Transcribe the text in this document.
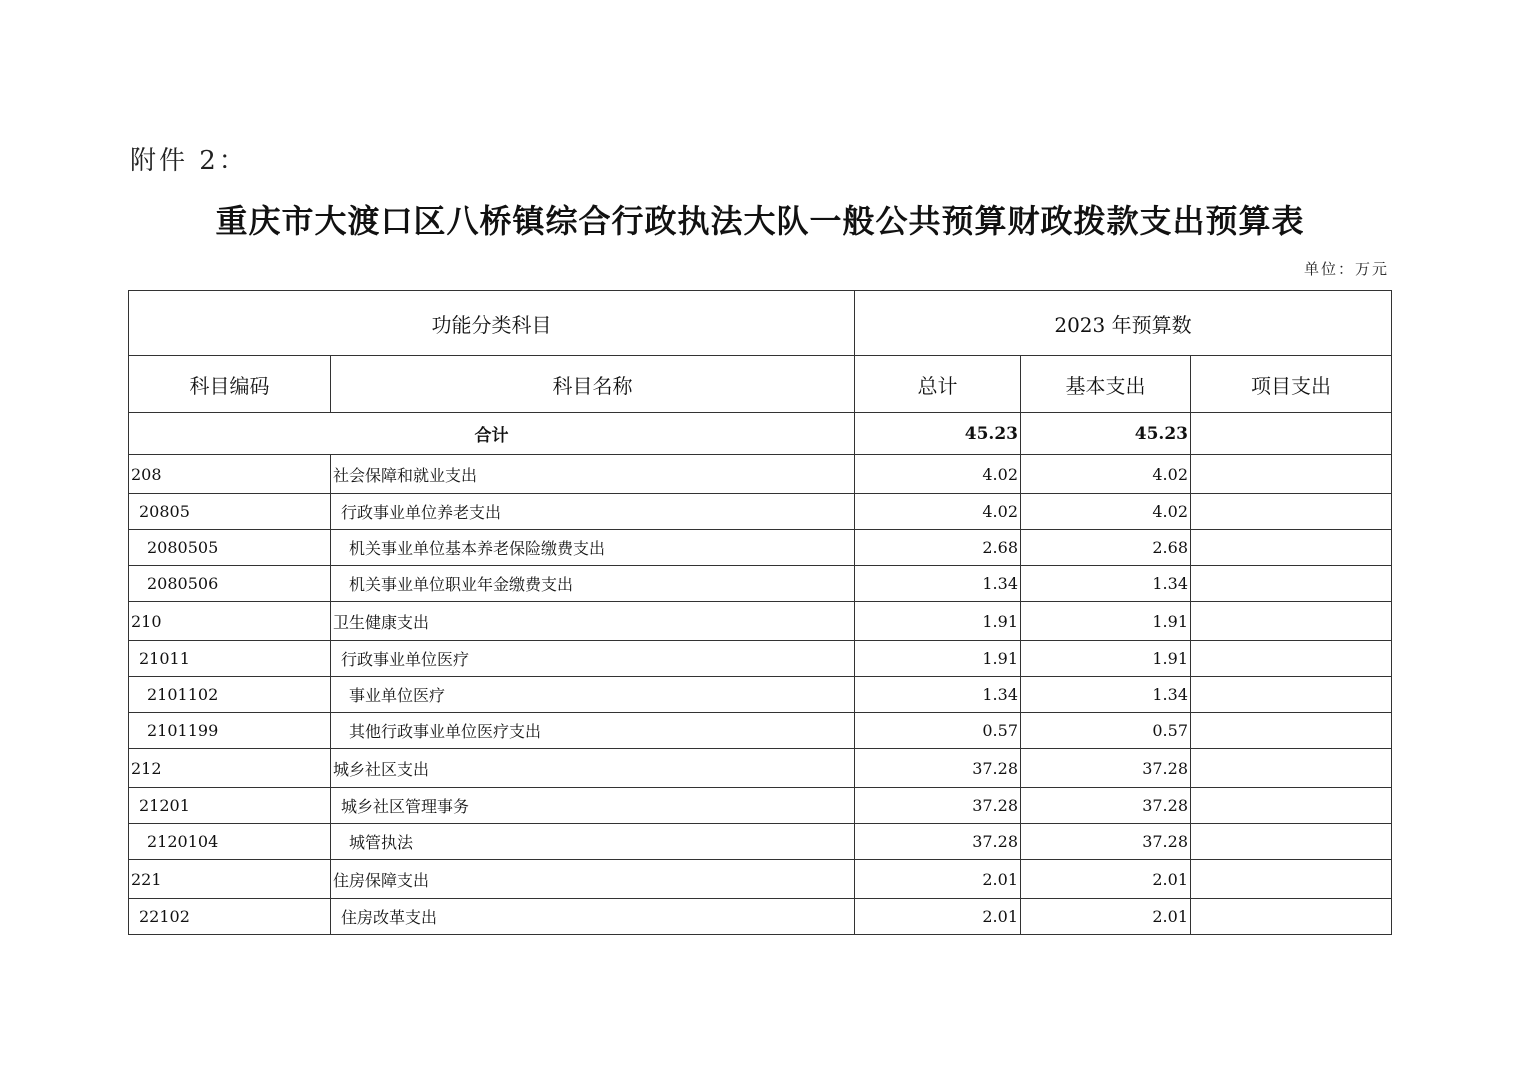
附件 2：
重庆市大渡口区八桥镇综合行政执法大队一般公共预算财政拨款支出预算表
单位：万元
功能分类科目		2023 年预算数		
科目编码	科目名称	总计	基本支出	项目支出
合计		45.23	45.23	
208	社会保障和就业支出	4.02	4.02	
20805	行政事业单位养老支出	4.02	4.02	
2080505	机关事业单位基本养老保险缴费支出	2.68	2.68	
2080506	机关事业单位职业年金缴费支出	1.34	1.34	
210	卫生健康支出	1.91	1.91	
21011	行政事业单位医疗	1.91	1.91	
2101102	事业单位医疗	1.34	1.34	
2101199	其他行政事业单位医疗支出	0.57	0.57	
212	城乡社区支出	37.28	37.28	
21201	城乡社区管理事务	37.28	37.28	
2120104	城管执法	37.28	37.28	
221	住房保障支出	2.01	2.01	
22102	住房改革支出	2.01	2.01	
